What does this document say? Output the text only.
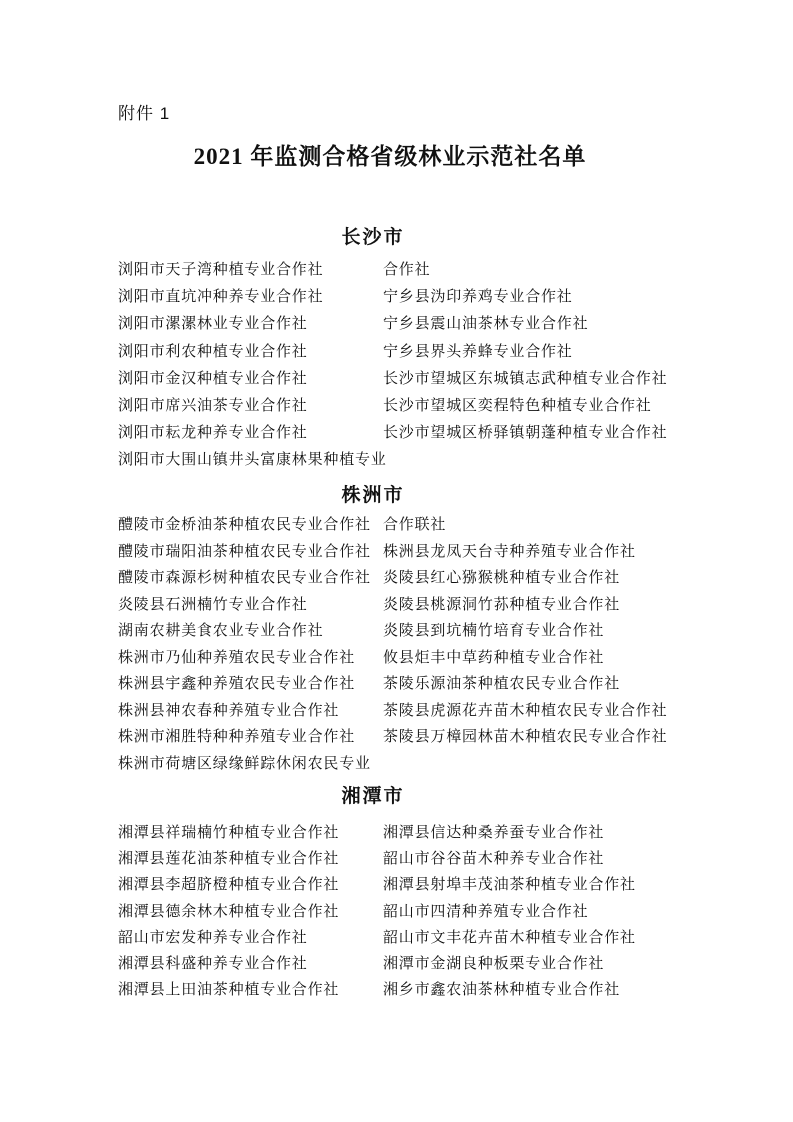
附件 1
2021 年监测合格省级林业示范社名单
长沙市
浏阳市天子湾种植专业合作社	合作社
浏阳市直坑冲种养专业合作社	宁乡县沩印养鸡专业合作社
浏阳市漯漯林业专业合作社	宁乡县震山油茶林专业合作社
浏阳市利农种植专业合作社	宁乡县界头养蜂专业合作社
浏阳市金汉种植专业合作社	长沙市望城区东城镇志武种植专业合作社
浏阳市席兴油茶专业合作社	长沙市望城区奕程特色种植专业合作社
浏阳市耘龙种养专业合作社	长沙市望城区桥驿镇朝蓬种植专业合作社
浏阳市大围山镇井头富康林果种植专业
株洲市
醴陵市金桥油茶种植农民专业合作社 合作联社
醴陵市瑞阳油茶种植农民专业合作社 株洲县龙凤天台寺种养殖专业合作社
醴陵市森源杉树种植农民专业合作社 炎陵县红心猕猴桃种植专业合作社
炎陵县石洲楠竹专业合作社	炎陵县桃源洞竹荪种植专业合作社
湖南农耕美食农业专业合作社	炎陵县到坑楠竹培育专业合作社
株洲市乃仙种养殖农民专业合作社	攸县炬丰中草药种植专业合作社
株洲县宇鑫种养殖农民专业合作社	茶陵乐源油茶种植农民专业合作社
株洲县神农春种养殖专业合作社	茶陵县虎源花卉苗木种植农民专业合作社
株洲市湘胜特种种养殖专业合作社	茶陵县万樟园林苗木种植农民专业合作社
株洲市荷塘区绿缘鲜踪休闲农民专业
湘潭市
湘潭县祥瑞楠竹种植专业合作社	湘潭县信达种桑养蚕专业合作社
湘潭县莲花油茶种植专业合作社	韶山市谷谷苗木种养专业合作社
湘潭县李超脐橙种植专业合作社	湘潭县射埠丰茂油茶种植专业合作社
湘潭县德余林木种植专业合作社	韶山市四清种养殖专业合作社
韶山市宏发种养专业合作社	韶山市文丰花卉苗木种植专业合作社
湘潭县科盛种养专业合作社	湘潭市金湖良种板栗专业合作社
湘潭县上田油茶种植专业合作社	湘乡市鑫农油茶林种植专业合作社
